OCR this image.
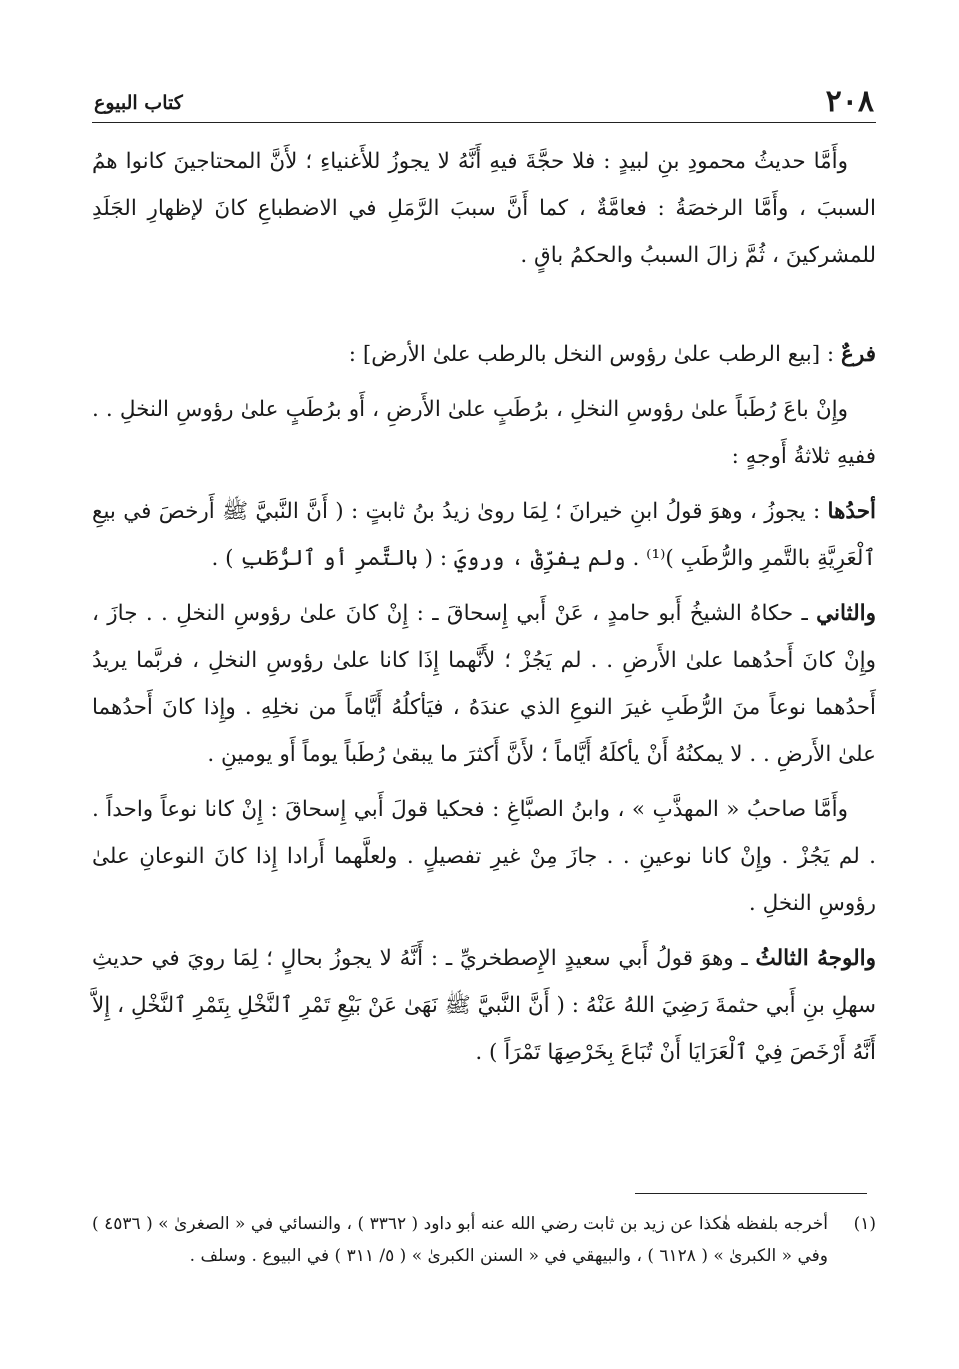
٢٠٨
كتاب البيوع

وأَمَّا حديثُ محمودِ بنِ لبيدٍ : فلا حجَّةَ فيهِ أَنَّهُ لا يجوزُ للأَغنياءِ ؛ لأَنَّ المحتاجينَ كانوا همُ السببَ ، وأَمَّا الرخصَةُ : فعامَّةٌ ، كما أَنَّ سببَ الرَّمَلِ في الاضطباعِ كانَ لإظهارِ الجَلَدِ للمشركينَ ، ثُمَّ زالَ السببُ والحكمُ باقٍ .

فرعٌ : [بيع الرطب علىٰ رؤوس النخل بالرطب علىٰ الأرض] :

وإِنْ باعَ رُطَباً علىٰ رؤوسِ النخلِ ، برُطَبٍ علىٰ الأَرضِ ، أَو برُطَبٍ علىٰ رؤوسِ النخلِ . . ففيهِ ثلاثةُ أَوجهٍ :

أحدُها : يجوزُ ، وهوَ قولُ ابنِ خيرانَ ؛ لِمَا روىٰ زيدُ بنُ ثابتٍ : ( أَنَّ النَّبيَّ ﷺ أَرخصَ في بيعِ ٱلْعَرِيَّةِ بالتَّمرِ والرُّطَبِ )⁽¹⁾ . ولم يفرِّقْ ، ورويَ : ( بالتَّمرِ أو ٱلرُّطَبِ ) .

والثاني ـ حكاهُ الشيخُ أَبو حامدٍ ، عَنْ أَبي إِسحاقَ ـ : إِنْ كانَ علىٰ رؤوسِ النخلِ . . جازَ ، وإِنْ كانَ أَحدُهما علىٰ الأَرضِ . . لم يَجُزْ ؛ لأَنَّهما إِذَا كانا علىٰ رؤوسِ النخلِ ، فربَّما يريدُ أَحدُهما نوعاً منَ الرُّطَبِ غيرَ النوعِ الذي عندَهُ ، فيَأكلُهُ أَيَّاماً من نخلِهِ . وإِذا كانَ أَحدُهما علىٰ الأَرضِ . . لا يمكنُهُ أَنْ يأكلَهُ أَيَّاماً ؛ لأَنَّ أَكثرَ ما يبقىٰ رُطَباً يوماً أَو يومينِ .

وأَمَّا صاحبُ « المهذَّبِ » ، وابنُ الصبَّاغِ : فحكيا قولَ أَبي إِسحاقَ : إِنْ كانا نوعاً واحداً . . لم يَجُزْ . وإِنْ كانا نوعينِ . . جازَ مِنْ غيرِ تفصيلٍ . ولعلَّهما أَرادا إِذا كانَ النوعانِ علىٰ رؤوسِ النخلِ .

والوجهُ الثالثُ ـ وهوَ قولُ أَبي سعيدٍ الإِصطخريِّ ـ : أَنَّهُ لا يجوزُ بحالٍ ؛ لِمَا رويَ في حديثِ سهلِ بنِ أَبي حثمةَ رَضِيَ اللهُ عَنْهُ : ( أَنَّ النَّبيَّ ﷺ نَهَىٰ عَنْ بَيْعِ تَمْرِ ٱلنَّخْلِ بِتَمْرِ ٱلنَّخْلِ ، إِلاَّ أَنَّهُ أَرْخَصَ فِيْ ٱلْعَرَايَا أَنْ تُبَاعَ بِخَرْصِهَا تَمْرَاً ) .

(١)
أخرجه بلفظه هٰكذا عن زيد بن ثابت رضي الله عنه أبو داود ( ٣٣٦٢ ) ، والنسائي في « الصغرىٰ » ( ٤٥٣٦ ) وفي « الكبرىٰ » ( ٦١٢٨ ) ، والبيهقي في « السنن الكبرىٰ » ( ٥/ ٣١١ ) في البيوع . وسلف .
